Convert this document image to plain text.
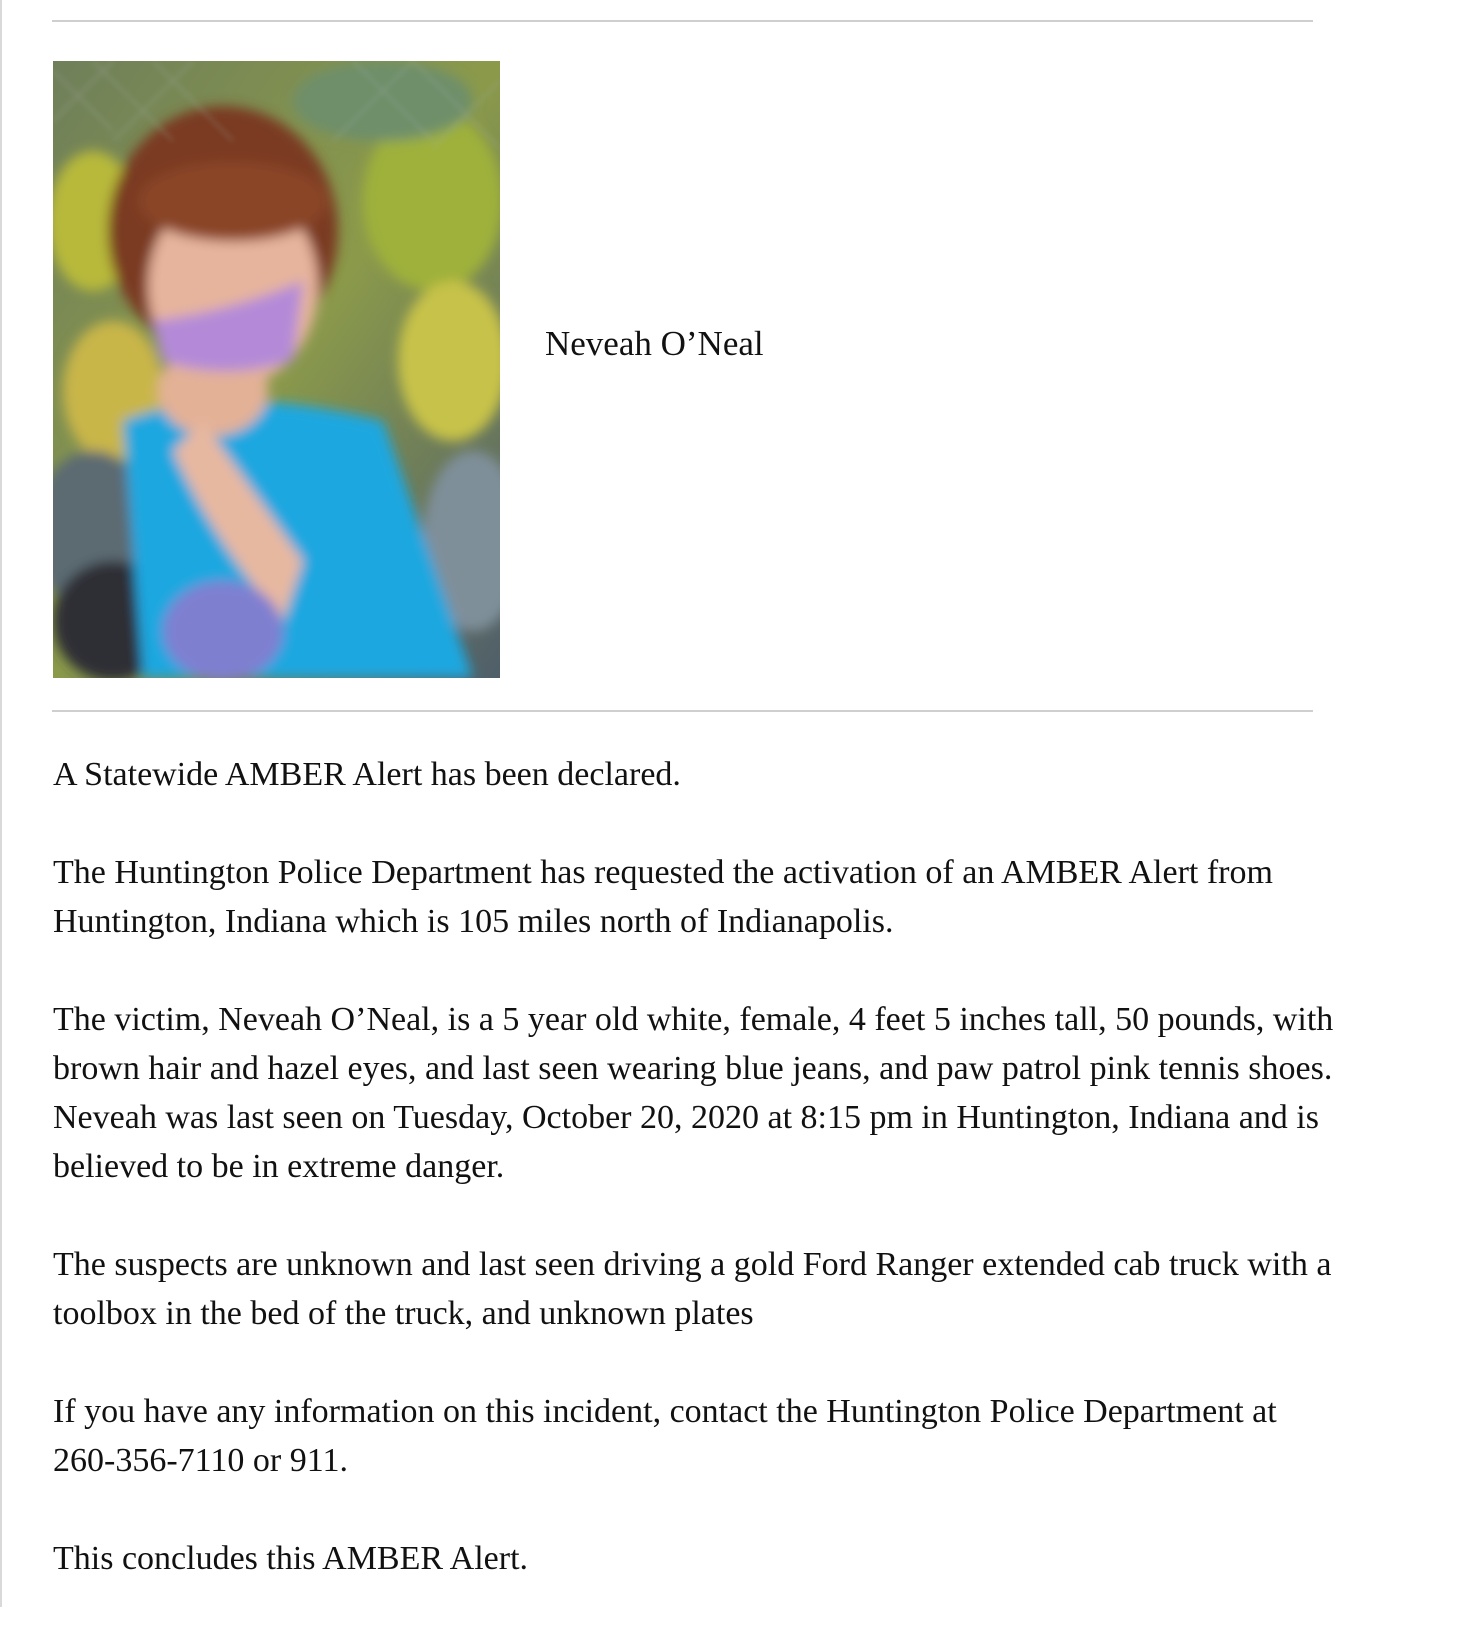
Neveah O’Neal

A Statewide AMBER Alert has been declared.

The Huntington Police Department has requested the activation of an AMBER Alert from
Huntington, Indiana which is 105 miles north of Indianapolis.

The victim, Neveah O’Neal, is a 5 year old white, female, 4 feet 5 inches tall, 50 pounds, with
brown hair and hazel eyes, and last seen wearing blue jeans, and paw patrol pink tennis shoes.
Neveah was last seen on Tuesday, October 20, 2020 at 8:15 pm in Huntington, Indiana and is
believed to be in extreme danger.

The suspects are unknown and last seen driving a gold Ford Ranger extended cab truck with a
toolbox in the bed of the truck, and unknown plates

If you have any information on this incident, contact the Huntington Police Department at
260-356-7110 or 911.

This concludes this AMBER Alert.
